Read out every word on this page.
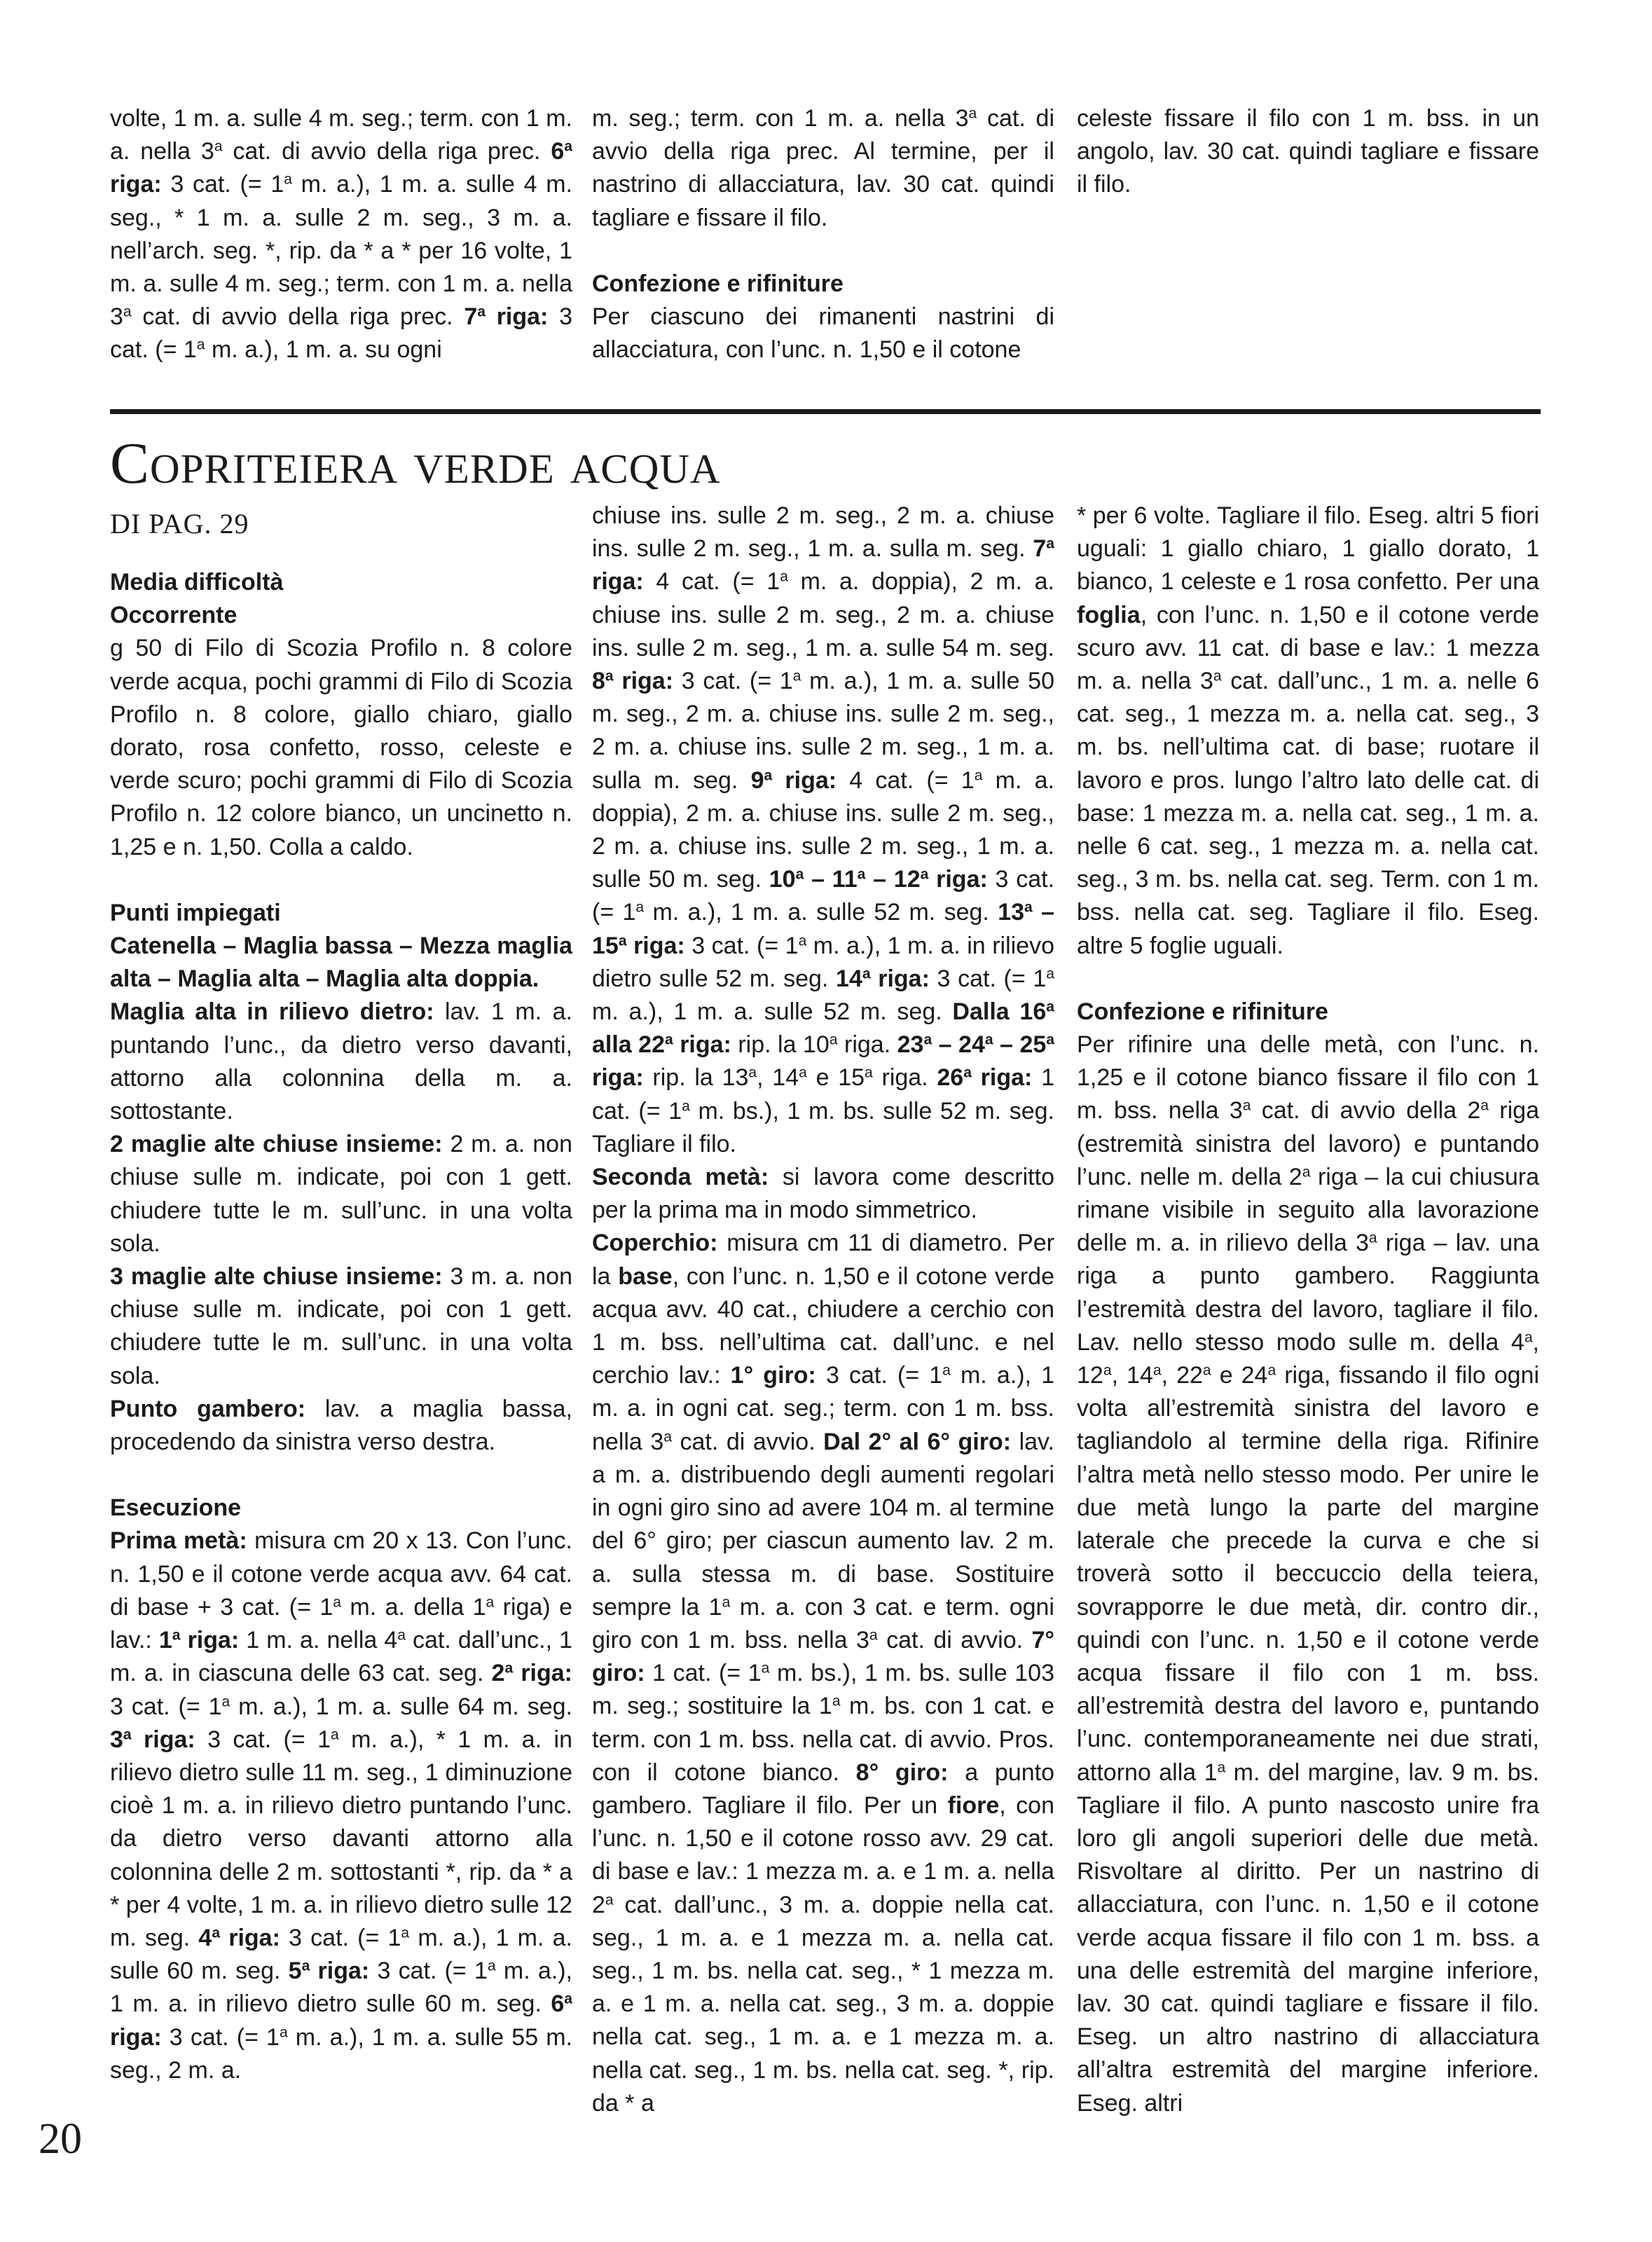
volte, 1 m. a. sulle 4 m. seg.; term. con 1 m. a. nella 3$^a$ cat. di avvio della riga prec. 6$^a$ riga: 3 cat. (= $1^a$ m. a.), 1 m. a. sulle 4 m. seg., * 1 m. a. sulle 2 m. seg., 3 m. a. nell’arch. seg. *, rip. da * a * per 16 volte, 1 m. a. sulle 4 m. seg.; term. con 1 m. a. nella 3$^a$ cat. di avvio della riga prec. 7$^a$ riga: 3 cat. (= $1^a$ m. a.), 1 m. a. su ogni

m. seg.; term. con 1 m. a. nella 3$^a$ cat. di avvio della riga prec. Al termine, per il nastrino di allacciatura, lav. 30 cat. quindi tagliare e fissare il filo.

Confezione e rifiniture

Per ciascuno dei rimanenti nastrini di allacciatura, con l’unc. n. 1,50 e il cotone

celeste fissare il filo con 1 m. bss. in un angolo, lav. 30 cat. quindi tagliare e fissare il filo.

Copriteiera verde acqua
DI PAG. 29

Media difficoltà

Occorrente

g 50 di Filo di Scozia Profilo n. 8 colore verde acqua, pochi grammi di Filo di Scozia Profilo n. 8 colore, giallo chiaro, giallo dorato, rosa confetto, rosso, celeste e verde scuro; pochi grammi di Filo di Scozia Profilo n. 12 colore bianco, un uncinetto n. 1,25 e n. 1,50. Colla a caldo.

Punti impiegati

Catenella – Maglia bassa – Mezza maglia alta – Maglia alta – Maglia alta doppia.

Maglia alta in rilievo dietro: lav. 1 m. a. puntando l’unc., da dietro verso davanti, attorno alla colonnina della m. a. sottostante.

2 maglie alte chiuse insieme: 2 m. a. non chiuse sulle m. indicate, poi con 1 gett. chiudere tutte le m. sull’unc. in una volta sola.

3 maglie alte chiuse insieme: 3 m. a. non chiuse sulle m. indicate, poi con 1 gett. chiudere tutte le m. sull’unc. in una volta sola.

Punto gambero: lav. a maglia bassa, procedendo da sinistra verso destra.

Esecuzione

Prima metà: misura cm 20 x 13. Con l’unc. n. 1,50 e il cotone verde acqua avv. 64 cat. di base + 3 cat. (= $1^a$ m. a. della 1$^a$ riga) e lav.: 1$^a$ riga: 1 m. a. nella 4$^a$ cat. dall’unc., 1 m. a. in ciascuna delle 63 cat. seg. 2$^a$ riga: 3 cat. (= $1^a$ m. a.), 1 m. a. sulle 64 m. seg. 3$^a$ riga: 3 cat. (= $1^a$ m. a.), * 1 m. a. in rilievo dietro sulle 11 m. seg., 1 diminuzione cioè 1 m. a. in rilievo dietro puntando l’unc. da dietro verso davanti attorno alla colonnina delle 2 m. sottostanti *, rip. da * a * per 4 volte, 1 m. a. in rilievo dietro sulle 12 m. seg. 4$^a$ riga: 3 cat. (= $1^a$ m. a.), 1 m. a. sulle 60 m. seg. 5$^a$ riga: 3 cat. (= $1^a$ m. a.), 1 m. a. in rilievo dietro sulle 60 m. seg. 6$^a$ riga: 3 cat. (= $1^a$ m. a.), 1 m. a. sulle 55 m. seg., 2 m. a.

chiuse ins. sulle 2 m. seg., 2 m. a. chiuse ins. sulle 2 m. seg., 1 m. a. sulla m. seg. 7$^a$ riga: 4 cat. (= $1^a$ m. a. doppia), 2 m. a. chiuse ins. sulle 2 m. seg., 2 m. a. chiuse ins. sulle 2 m. seg., 1 m. a. sulle 54 m. seg. 8$^a$ riga: 3 cat. (= $1^a$ m. a.), 1 m. a. sulle 50 m. seg., 2 m. a. chiuse ins. sulle 2 m. seg., 2 m. a. chiuse ins. sulle 2 m. seg., 1 m. a. sulla m. seg. 9$^a$ riga: 4 cat. (= $1^a$ m. a. doppia), 2 m. a. chiuse ins. sulle 2 m. seg., 2 m. a. chiuse ins. sulle 2 m. seg., 1 m. a. sulle 50 m. seg. 10$^a$ – 11$^a$ – 12$^a$ riga: 3 cat. (= $1^a$ m. a.), 1 m. a. sulle 52 m. seg. 13$^a$ – 15$^a$ riga: 3 cat. (= $1^a$ m. a.), 1 m. a. in rilievo dietro sulle 52 m. seg. 14$^a$ riga: 3 cat. (= $1^a$ m. a.), 1 m. a. sulle 52 m. seg. Dalla 16$^a$ alla 22$^a$ riga: rip. la 10$^a$ riga. 23$^a$ – 24$^a$ – 25$^a$ riga: rip. la 13$^a$, 14$^a$ e 15$^a$ riga. 26$^a$ riga: 1 cat. (= $1^a$ m. bs.), 1 m. bs. sulle 52 m. seg. Tagliare il filo.

Seconda metà: si lavora come descritto per la prima ma in modo simmetrico.

Coperchio: misura cm 11 di diametro. Per la base, con l’unc. n. 1,50 e il cotone verde acqua avv. 40 cat., chiudere a cerchio con 1 m. bss. nell’ultima cat. dall’unc. e nel cerchio lav.: 1° giro: 3 cat. (= $1^a$ m. a.), 1 m. a. in ogni cat. seg.; term. con 1 m. bss. nella 3$^a$ cat. di avvio. Dal 2° al 6° giro: lav. a m. a. distribuendo degli aumenti regolari in ogni giro sino ad avere 104 m. al termine del 6° giro; per ciascun aumento lav. 2 m. a. sulla stessa m. di base. Sostituire sempre la 1$^a$ m. a. con 3 cat. e term. ogni giro con 1 m. bss. nella 3$^a$ cat. di avvio. 7° giro: 1 cat. (= $1^a$ m. bs.), 1 m. bs. sulle 103 m. seg.; sostituire la 1$^a$ m. bs. con 1 cat. e term. con 1 m. bss. nella cat. di avvio. Pros. con il cotone bianco. 8° giro: a punto gambero. Tagliare il filo. Per un fiore, con l’unc. n. 1,50 e il cotone rosso avv. 29 cat. di base e lav.: 1 mezza m. a. e 1 m. a. nella 2$^a$ cat. dall’unc., 3 m. a. doppie nella cat. seg., 1 m. a. e 1 mezza m. a. nella cat. seg., 1 m. bs. nella cat. seg., * 1 mezza m. a. e 1 m. a. nella cat. seg., 3 m. a. doppie nella cat. seg., 1 m. a. e 1 mezza m. a. nella cat. seg., 1 m. bs. nella cat. seg. *, rip. da * a

* per 6 volte. Tagliare il filo. Eseg. altri 5 fiori uguali: 1 giallo chiaro, 1 giallo dorato, 1 bianco, 1 celeste e 1 rosa confetto. Per una foglia, con l’unc. n. 1,50 e il cotone verde scuro avv. 11 cat. di base e lav.: 1 mezza m. a. nella 3$^a$ cat. dall’unc., 1 m. a. nelle 6 cat. seg., 1 mezza m. a. nella cat. seg., 3 m. bs. nell’ultima cat. di base; ruotare il lavoro e pros. lungo l’altro lato delle cat. di base: 1 mezza m. a. nella cat. seg., 1 m. a. nelle 6 cat. seg., 1 mezza m. a. nella cat. seg., 3 m. bs. nella cat. seg. Term. con 1 m. bss. nella cat. seg. Tagliare il filo. Eseg. altre 5 foglie uguali.

Confezione e rifiniture

Per rifinire una delle metà, con l’unc. n. 1,25 e il cotone bianco fissare il filo con 1 m. bss. nella 3$^a$ cat. di avvio della 2$^a$ riga (estremità sinistra del lavoro) e puntando l’unc. nelle m. della 2$^a$ riga – la cui chiusura rimane visibile in seguito alla lavorazione delle m. a. in rilievo della 3$^a$ riga – lav. una riga a punto gambero. Raggiunta l’estremità destra del lavoro, tagliare il filo. Lav. nello stesso modo sulle m. della 4$^a$, 12$^a$, 14$^a$, 22$^a$ e 24$^a$ riga, fissando il filo ogni volta all’estremità sinistra del lavoro e tagliandolo al termine della riga. Rifinire l’altra metà nello stesso modo. Per unire le due metà lungo la parte del margine laterale che precede la curva e che si troverà sotto il beccuccio della teiera, sovrapporre le due metà, dir. contro dir., quindi con l’unc. n. 1,50 e il cotone verde acqua fissare il filo con 1 m. bss. all’estremità destra del lavoro e, puntando l’unc. contemporaneamente nei due strati, attorno alla 1$^a$ m. del margine, lav. 9 m. bs. Tagliare il filo. A punto nascosto unire fra loro gli angoli superiori delle due metà. Risvoltare al diritto. Per un nastrino di allacciatura, con l’unc. n. 1,50 e il cotone verde acqua fissare il filo con 1 m. bss. a una delle estremità del margine inferiore, lav. 30 cat. quindi tagliare e fissare il filo. Eseg. un altro nastrino di allacciatura all’altra estremità del margine inferiore. Eseg. altri

20
